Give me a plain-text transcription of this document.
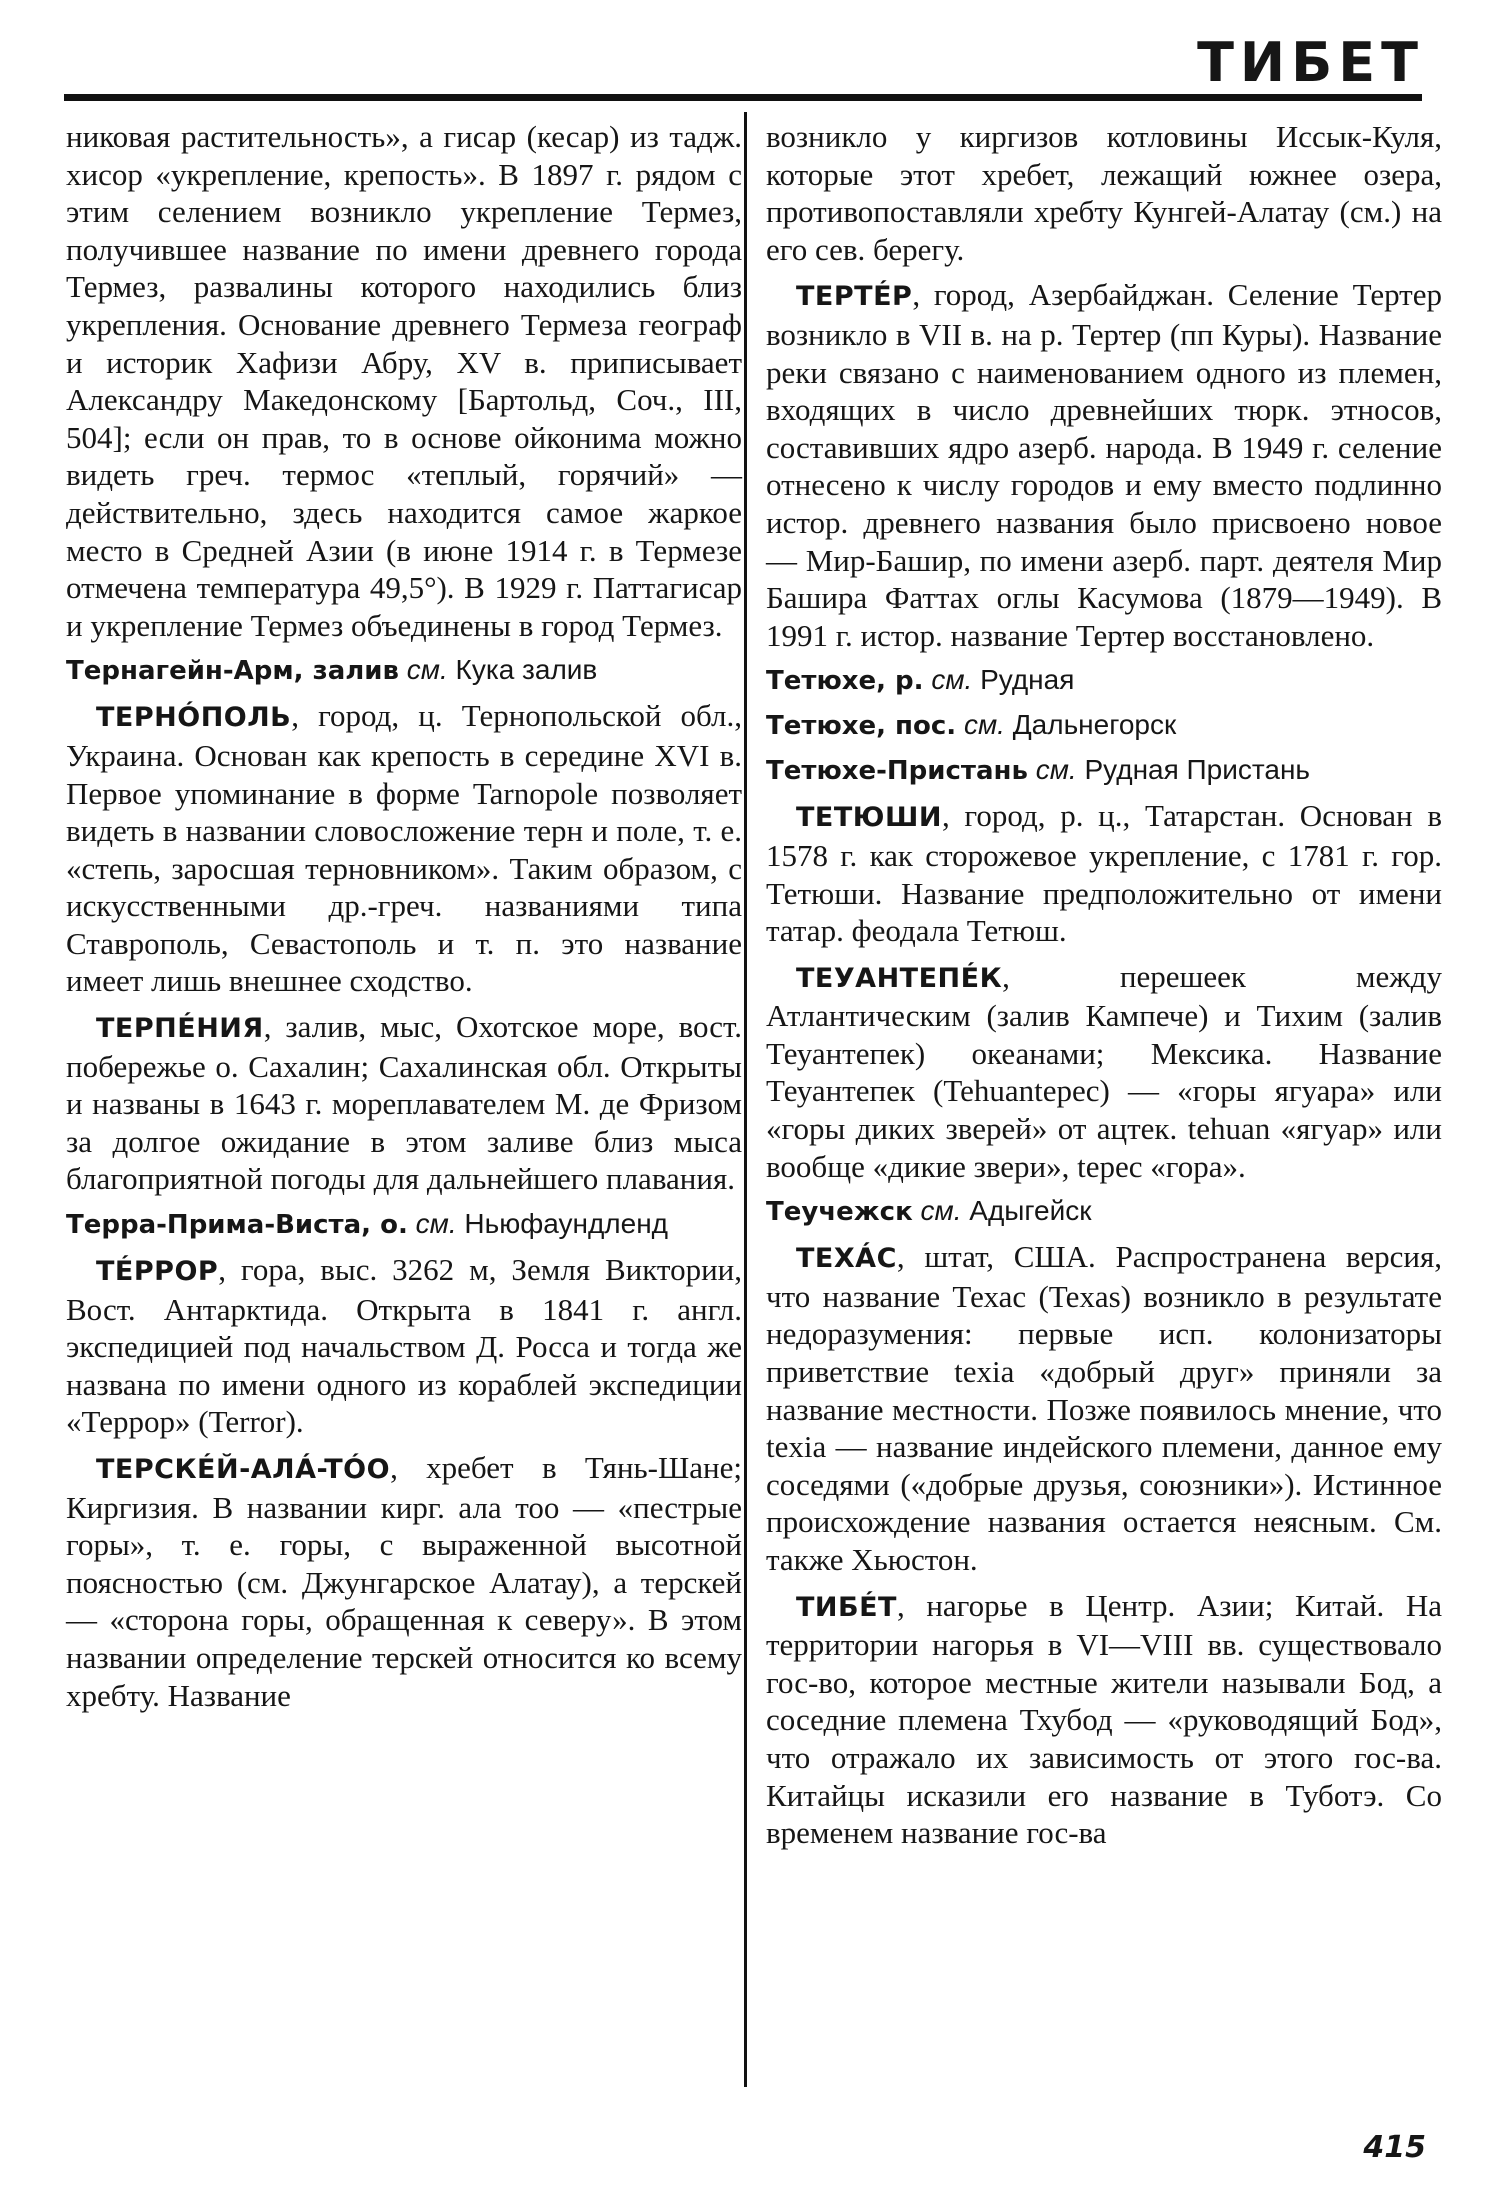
ТИБЕТ

никовая растительность», а гисар (кесар) из тадж. хисор «укрепление, крепость». В 1897 г. рядом с этим селением возникло укрепление Термез, получившее название по имени древнего города Термез, развалины которого находились близ укрепления. Основание древнего Термеза географ и историк Хафизи Абру, XV в. приписывает Александру Македонскому [Бартольд, Соч., III, 504]; если он прав, то в основе ойконима можно видеть греч. термос «теплый, горячий» — действительно, здесь находится самое жаркое место в Средней Азии (в июне 1914 г. в Термезе отмечена температура 49,5°). В 1929 г. Паттагисар и укрепление Термез объединены в город Термез.

Тернагейн-Арм, залив см. Кука залив

ТЕРНÓПОЛЬ, город, ц. Тернопольской обл., Украина. Основан как крепость в середине XVI в. Первое упоминание в форме Tarnopole позволяет видеть в названии словосложение терн и поле, т. е. «степь, заросшая терновником». Таким образом, с искусственными др.-греч. названиями типа Ставрополь, Севастополь и т. п. это название имеет лишь внешнее сходство.

ТЕРПÉНИЯ, залив, мыс, Охотское море, вост. побережье о. Сахалин; Сахалинская обл. Открыты и названы в 1643 г. мореплавателем М. де Фризом за долгое ожидание в этом заливе близ мыса благоприятной погоды для дальнейшего плавания.

Терра-Прима-Виста, о. см. Ньюфаундленд

TÉРРОР, гора, выс. 3262 м, Земля Виктории, Вост. Антарктида. Открыта в 1841 г. англ. экспедицией под начальством Д. Росса и тогда же названа по имени одного из кораблей экспедиции «Террор» (Terror).

ТЕРСКÉЙ-АЛÁ-TÓO, хребет в Тянь-Шане; Киргизия. В названии кирг. ала тоо — «пестрые горы», т. е. горы, с выраженной высотной поясностью (см. Джунгарское Алатау), а терскей — «сторона горы, обращенная к северу». В этом названии определение терскей относится ко всему хребту. Название

возникло у киргизов котловины Иссык-Куля, которые этот хребет, лежащий южнее озера, противопоставляли хребту Кунгей-Алатау (см.) на его сев. берегу.

ТЕРТÉР, город, Азербайджан. Селение Тертер возникло в VII в. на р. Тертер (пп Куры). Название реки связано с наименованием одного из племен, входящих в число древнейших тюрк. этносов, составивших ядро азерб. народа. В 1949 г. селение отнесено к числу городов и ему вместо подлинно истор. древнего названия было присвоено новое — Мир-Башир, по имени азерб. парт. деятеля Мир Башира Фаттах оглы Касумова (1879—1949). В 1991 г. истор. название Тертер восстановлено.

Тетюхе, р. см. Рудная

Тетюхе, пос. см. Дальнегорск

Тетюхе-Пристань см. Рудная Пристань

ТЕТЮШИ, город, р. ц., Татарстан. Основан в 1578 г. как сторожевое укрепление, с 1781 г. гор. Тетюши. Название предположительно от имени татар. феодала Тетюш.

ТЕУАНТЕПÉК, перешеек между Атлантическим (залив Кампече) и Тихим (залив Теуантепек) океанами; Мексика. Название Теуантепек (Tehuantepec) — «горы ягуара» или «горы диких зверей» от ацтек. tehuan «ягуар» или вообще «дикие звери», tepec «гора».

Теучежск см. Адыгейск

ТЕХÁС, штат, США. Распространена версия, что название Техас (Texas) возникло в результате недоразумения: первые исп. колонизаторы приветствие texia «добрый друг» приняли за название местности. Позже появилось мнение, что texia — название индейского племени, данное ему соседями («добрые друзья, союзники»). Истинное происхождение названия остается неясным. См. также Хьюстон.

ТИБÉТ, нагорье в Центр. Азии; Китай. На территории нагорья в VI—VIII вв. существовало гос-во, которое местные жители называли Бод, а соседние племена Тхубод — «руководящий Бод», что отражало их зависимость от этого гос-ва. Китайцы исказили его название в Туботэ. Со временем название гос-ва

415
